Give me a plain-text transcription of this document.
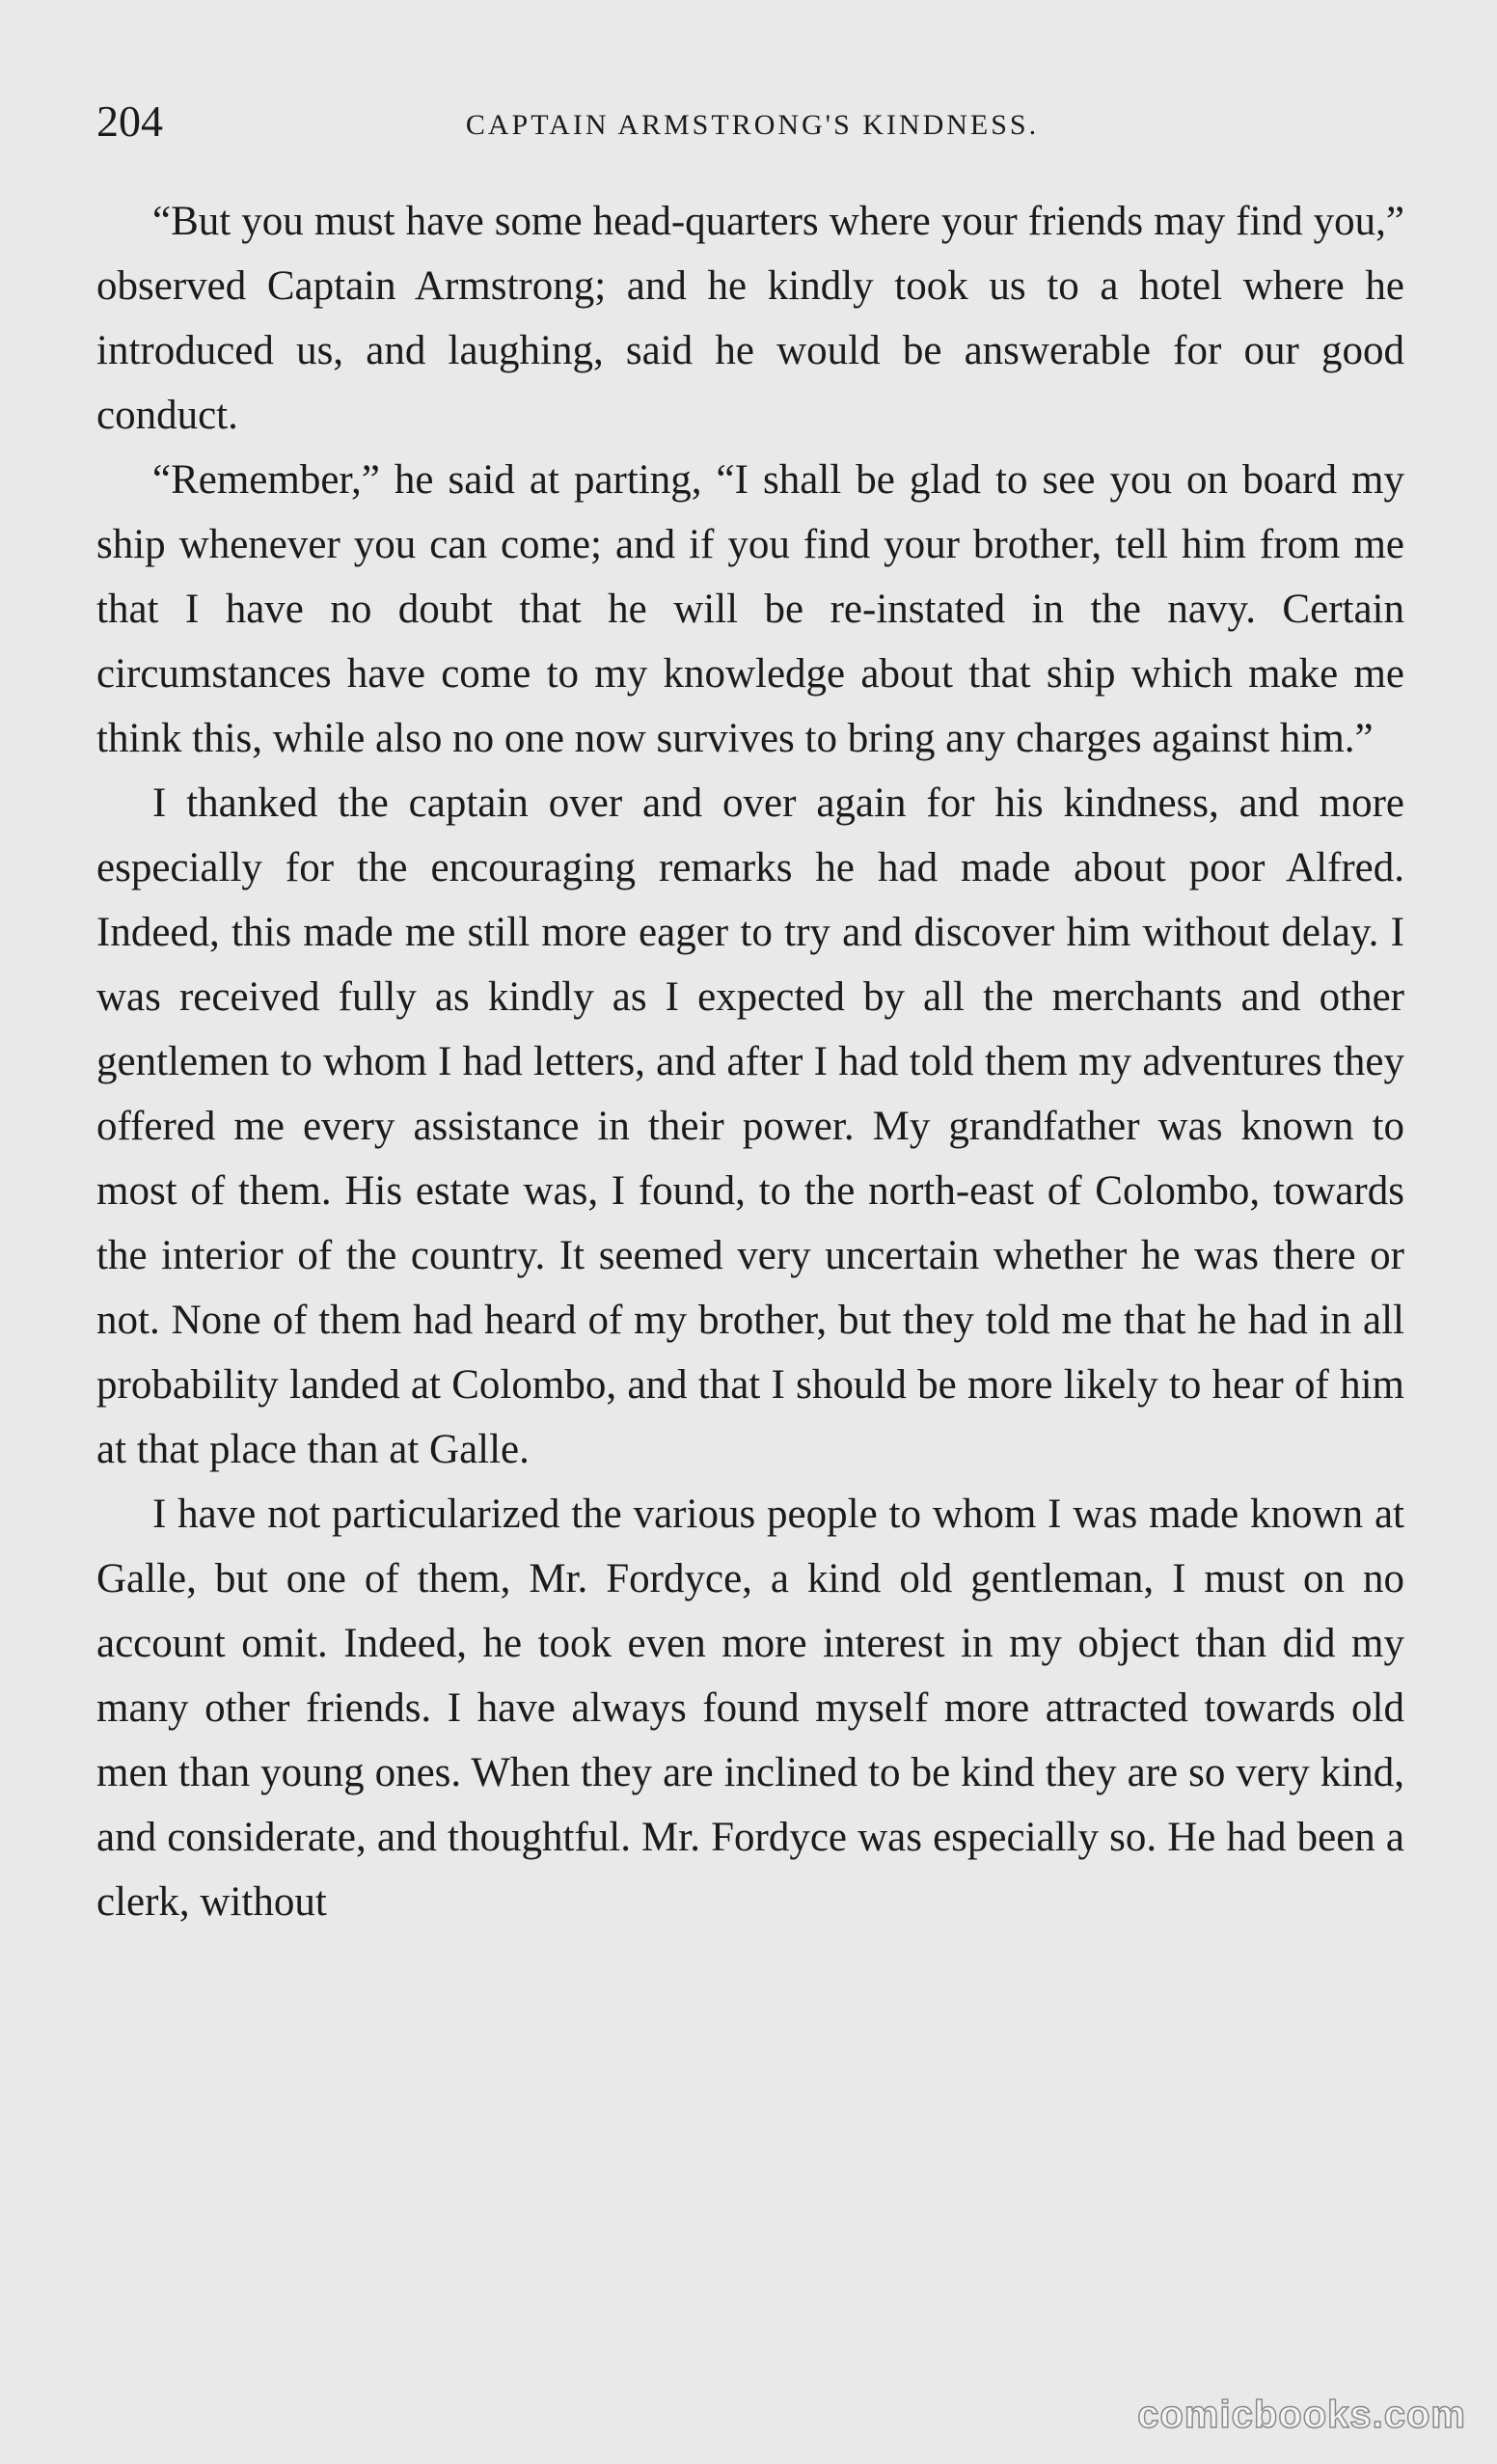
204	CAPTAIN ARMSTRONG'S KINDNESS.

“But you must have some head-quarters where your friends may find you,” observed Captain Armstrong; and he kindly took us to a hotel where he introduced us, and laughing, said he would be answerable for our good conduct.

“Remember,” he said at parting, “I shall be glad to see you on board my ship whenever you can come; and if you find your brother, tell him from me that I have no doubt that he will be re-instated in the navy. Certain circumstances have come to my knowledge about that ship which make me think this, while also no one now survives to bring any charges against him.”

I thanked the captain over and over again for his kindness, and more especially for the encouraging remarks he had made about poor Alfred. Indeed, this made me still more eager to try and discover him without delay. I was received fully as kindly as I expected by all the merchants and other gentlemen to whom I had letters, and after I had told them my adventures they offered me every assistance in their power. My grandfather was known to most of them. His estate was, I found, to the north-east of Colombo, towards the interior of the country. It seemed very uncertain whether he was there or not. None of them had heard of my brother, but they told me that he had in all probability landed at Colombo, and that I should be more likely to hear of him at that place than at Galle.

I have not particularized the various people to whom I was made known at Galle, but one of them, Mr. Fordyce, a kind old gentleman, I must on no account omit. Indeed, he took even more interest in my object than did my many other friends. I have always found myself more attracted towards old men than young ones. When they are inclined to be kind they are so very kind, and considerate, and thoughtful. Mr. Fordyce was especially so. He had been a clerk, without

comicbooks.com
